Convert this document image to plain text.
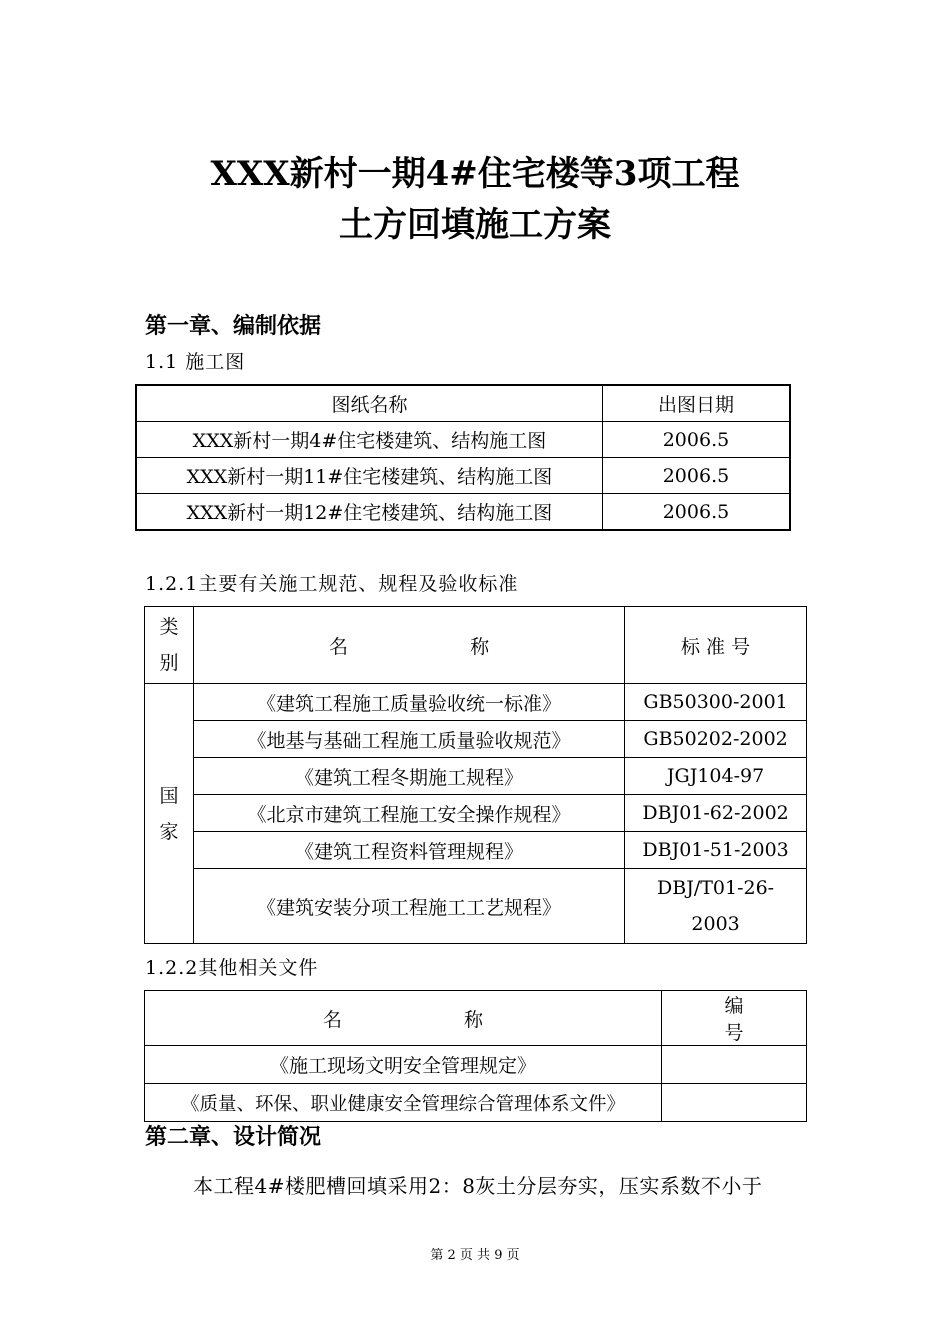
XXX新村一期4#住宅楼等3项工程
土方回填施工方案
第一章、编制依据
1.1 施工图
图纸名称	出图日期
XXX新村一期4#住宅楼建筑、结构施工图	2006.5
XXX新村一期11#住宅楼建筑、结构施工图	2006.5
XXX新村一期12#住宅楼建筑、结构施工图	2006.5
1.2.1主要有关施工规范、规程及验收标准
类别	名 称	标 准 号
国家	《建筑工程施工质量验收统一标准》	GB50300-2001
	《地基与基础工程施工质量验收规范》	GB50202-2002
	《建筑工程冬期施工规程》	JGJ104-97
	《北京市建筑工程施工安全操作规程》	DBJ01-62-2002
	《建筑工程资料管理规程》	DBJ01-51-2003
	《建筑安装分项工程施工工艺规程》	DBJ/T01-26-2003
1.2.2其他相关文件
名 称	编 号
《施工现场文明安全管理规定》	
《质量、环保、职业健康安全管理综合管理体系文件》	
第二章、设计简况
本工程4#楼肥槽回填采用2：8灰土分层夯实，压实系数不小于
第 2 页 共 9 页
